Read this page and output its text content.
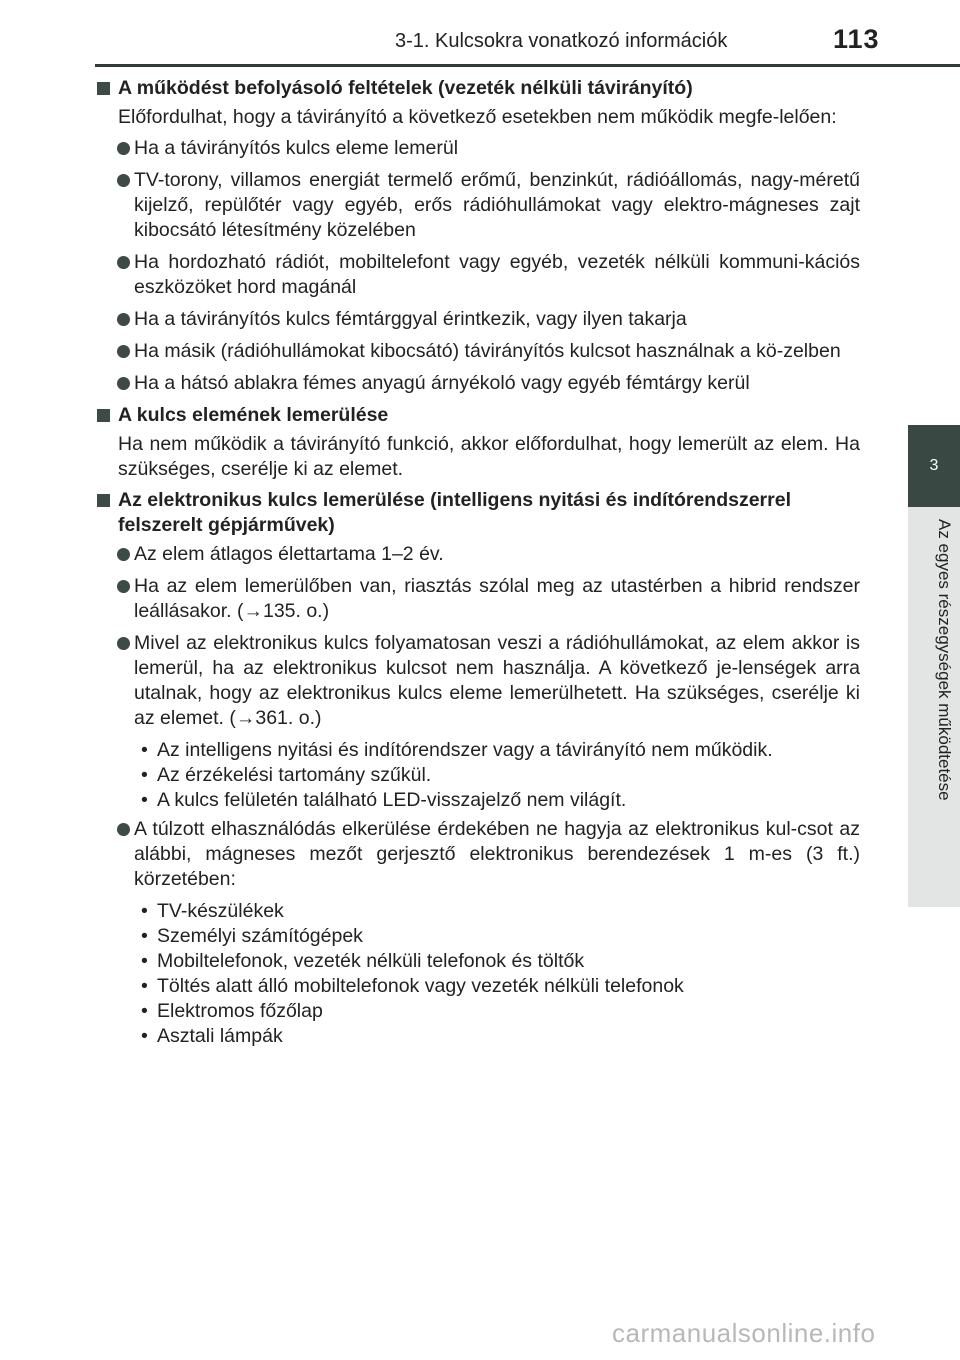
3-1. Kulcsokra vonatkozó információk	113
3
Az egyes részegységek működtetése
A működést befolyásoló feltételek (vezeték nélküli távirányító)
Előfordulhat, hogy a távirányító a következő esetekben nem működik megfe-lelően:
Ha a távirányítós kulcs eleme lemerül
TV-torony, villamos energiát termelő erőmű, benzinkút, rádióállomás, nagy-méretű kijelző, repülőtér vagy egyéb, erős rádióhullámokat vagy elektro-mágneses zajt kibocsátó létesítmény közelében
Ha hordozható rádiót, mobiltelefont vagy egyéb, vezeték nélküli kommuni-kációs eszközöket hord magánál
Ha a távirányítós kulcs fémtárggyal érintkezik, vagy ilyen takarja
Ha másik (rádióhullámokat kibocsátó) távirányítós kulcsot használnak a kö-zelben
Ha a hátsó ablakra fémes anyagú árnyékoló vagy egyéb fémtárgy kerül
A kulcs elemének lemerülése
Ha nem működik a távirányító funkció, akkor előfordulhat, hogy lemerült az elem. Ha szükséges, cserélje ki az elemet.
Az elektronikus kulcs lemerülése (intelligens nyitási és indítórendszerrel felszerelt gépjárművek)
Az elem átlagos élettartama 1–2 év.
Ha az elem lemerülőben van, riasztás szólal meg az utastérben a hibrid rendszer leállásakor. (→135. o.)
Mivel az elektronikus kulcs folyamatosan veszi a rádióhullámokat, az elem akkor is lemerül, ha az elektronikus kulcsot nem használja. A következő je-lenségek arra utalnak, hogy az elektronikus kulcs eleme lemerülhetett. Ha szükséges, cserélje ki az elemet. (→361. o.)
• Az intelligens nyitási és indítórendszer vagy a távirányító nem működik.
• Az érzékelési tartomány szűkül.
• A kulcs felületén található LED-visszajelző nem világít.
A túlzott elhasználódás elkerülése érdekében ne hagyja az elektronikus kul-csot az alábbi, mágneses mezőt gerjesztő elektronikus berendezések 1 m-es (3 ft.) körzetében:
• TV-készülékek
• Személyi számítógépek
• Mobiltelefonok, vezeték nélküli telefonok és töltők
• Töltés alatt álló mobiltelefonok vagy vezeték nélküli telefonok
• Elektromos főzőlap
• Asztali lámpák
carmanualsonline.info
